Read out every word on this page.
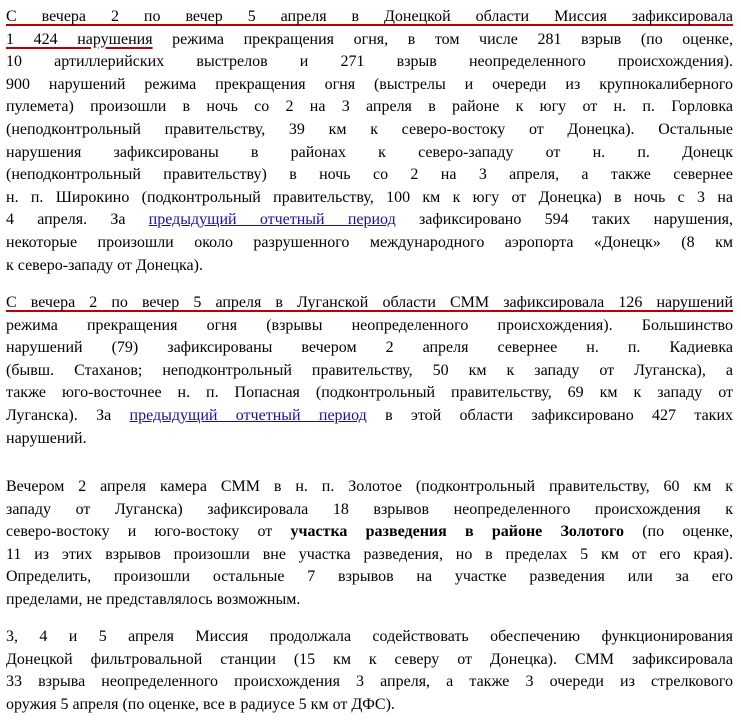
С вечера 2 по вечер 5 апреля в Донецкой области Миссия зафиксировала
1 424 нарушения режима прекращения огня, в том числе 281 взрыв (по оценке,
10 артиллерийских выстрелов и 271 взрыв неопределенного происхождения).
900 нарушений режима прекращения огня (выстрелы и очереди из крупнокалиберного
пулемета) произошли в ночь со 2 на 3 апреля в районе к югу от н. п. Горловка
(неподконтрольный правительству, 39 км к северо-востоку от Донецка). Остальные
нарушения зафиксированы в районах к северо-западу от н. п. Донецк
(неподконтрольный правительству) в ночь со 2 на 3 апреля, а также севернее
н. п. Широкино (подконтрольный правительству, 100 км к югу от Донецка) в ночь с 3 на
4 апреля. За предыдущий отчетный период зафиксировано 594 таких нарушения,
некоторые произошли около разрушенного международного аэропорта «Донецк» (8 км
к северо-западу от Донецка).
С вечера 2 по вечер 5 апреля в Луганской области СММ зафиксировала 126 нарушений
режима прекращения огня (взрывы неопределенного происхождения). Большинство
нарушений (79) зафиксированы вечером 2 апреля севернее н. п. Кадиевка
(бывш. Стаханов; неподконтрольный правительству, 50 км к западу от Луганска), а
также юго-восточнее н. п. Попасная (подконтрольный правительству, 69 км к западу от
Луганска). За предыдущий отчетный период в этой области зафиксировано 427 таких
нарушений.
Вечером 2 апреля камера СММ в н. п. Золотое (подконтрольный правительству, 60 км к
западу от Луганска) зафиксировала 18 взрывов неопределенного происхождения к
северо-востоку и юго-востоку от участка разведения в районе Золотого (по оценке,
11 из этих взрывов произошли вне участка разведения, но в пределах 5 км от его края).
Определить, произошли остальные 7 взрывов на участке разведения или за его
пределами, не представлялось возможным.
3, 4 и 5 апреля Миссия продолжала содействовать обеспечению функционирования
Донецкой фильтровальной станции (15 км к северу от Донецка). СММ зафиксировала
33 взрыва неопределенного происхождения 3 апреля, а также 3 очереди из стрелкового
оружия 5 апреля (по оценке, все в радиусе 5 км от ДФС).
